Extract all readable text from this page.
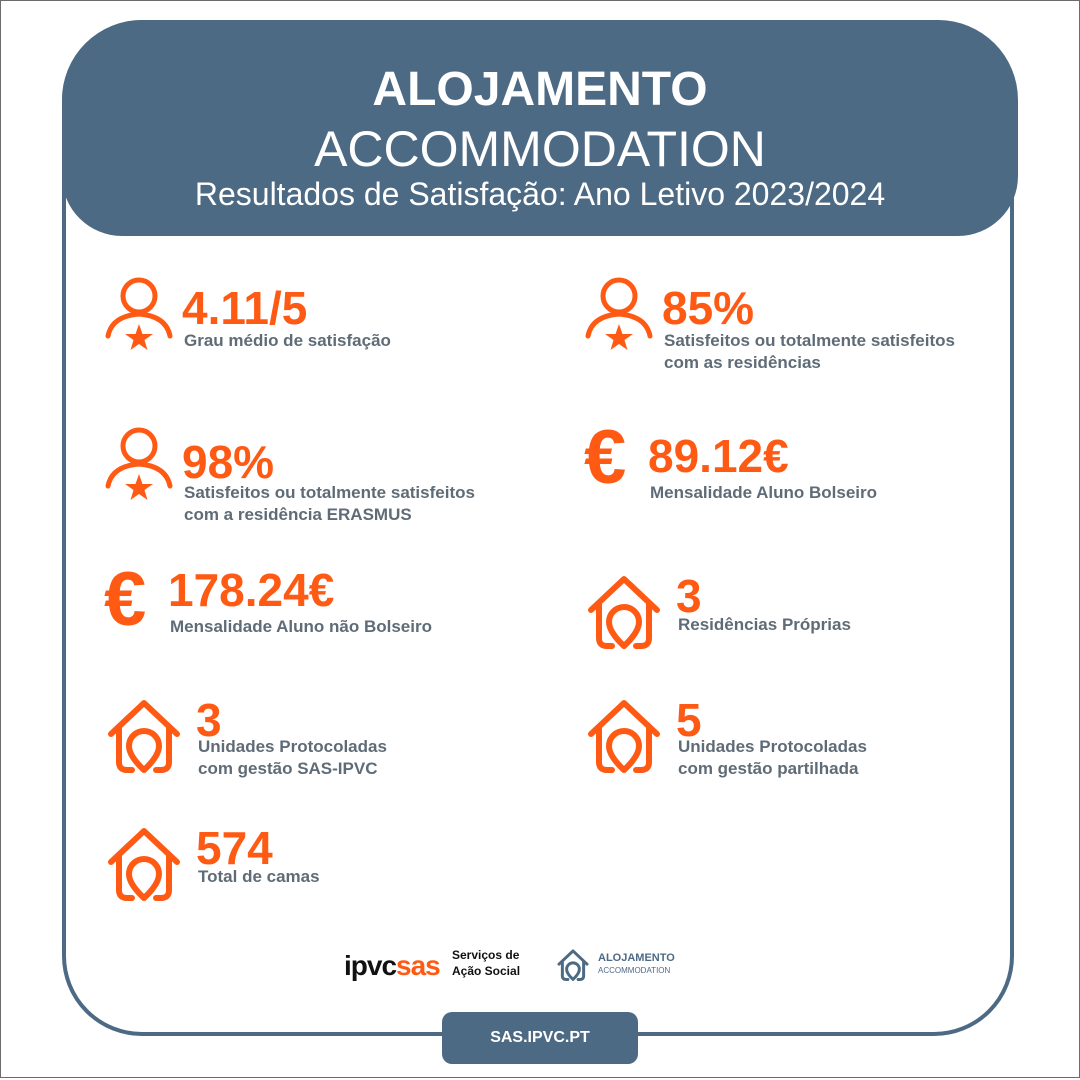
ALOJAMENTO
ACCOMMODATION
Resultados de Satisfação: Ano Letivo 2023/2024
4.11/5
Grau médio de satisfação
85%
Satisfeitos ou totalmente satisfeitos
com as residências
98%
Satisfeitos ou totalmente satisfeitos
com a residência ERASMUS
€ 89.12€
Mensalidade Aluno Bolseiro
€ 178.24€
Mensalidade Aluno não Bolseiro
3
Residências Próprias
3
Unidades Protocoladas
com gestão SAS-IPVC
5
Unidades Protocoladas
com gestão partilhada
574
Total de camas
ipvc sas Serviços de
Ação Social
ALOJAMENTO
ACCOMMODATION
SAS.IPVC.PT
